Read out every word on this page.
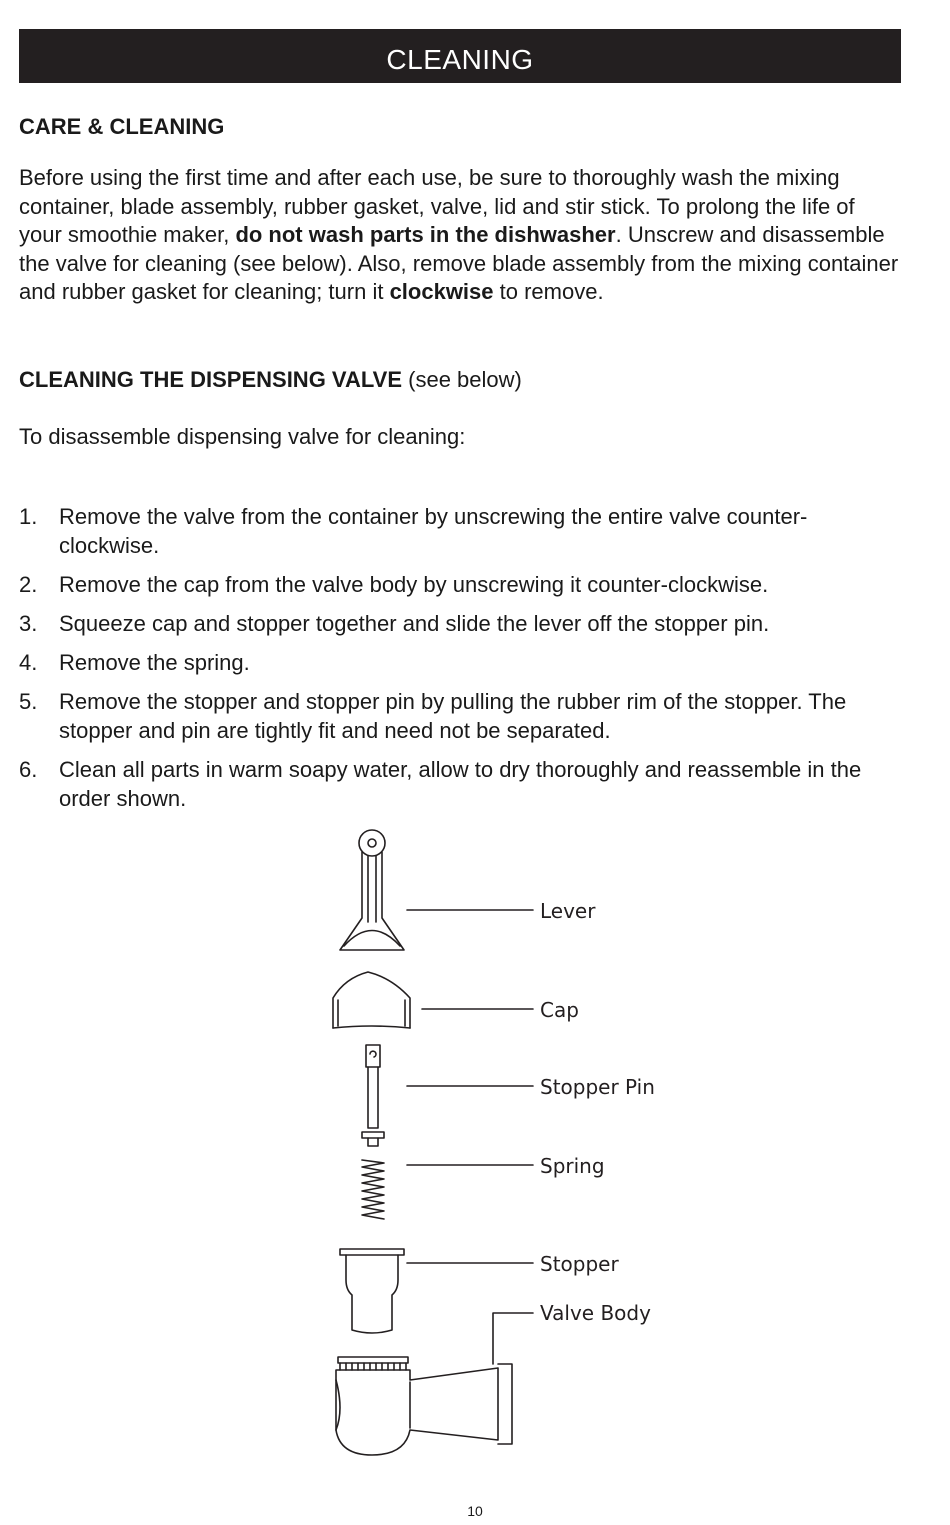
CLEANING
CARE & CLEANING
Before using the first time and after each use, be sure to thoroughly wash the mixing container, blade assembly, rubber gasket, valve, lid and stir stick. To prolong the life of your smoothie maker, do not wash parts in the dishwasher. Unscrew and disassemble the valve for cleaning (see below). Also, remove blade assembly from the mixing container and rubber gasket for cleaning; turn it clockwise to remove.
CLEANING THE DISPENSING VALVE (see below)
To disassemble dispensing valve for cleaning:
1. Remove the valve from the container by unscrewing the entire valve counter-clockwise.
2. Remove the cap from the valve body by unscrewing it counter-clockwise.
3. Squeeze cap and stopper together and slide the lever off the stopper pin.
4. Remove the spring.
5. Remove the stopper and stopper pin by pulling the rubber rim of the stopper. The stopper and pin are tightly fit and need not be separated.
6. Clean all parts in warm soapy water, allow to dry thoroughly and reassemble in the order shown.
Lever
Cap
Stopper Pin
Spring
Stopper
Valve Body
10
